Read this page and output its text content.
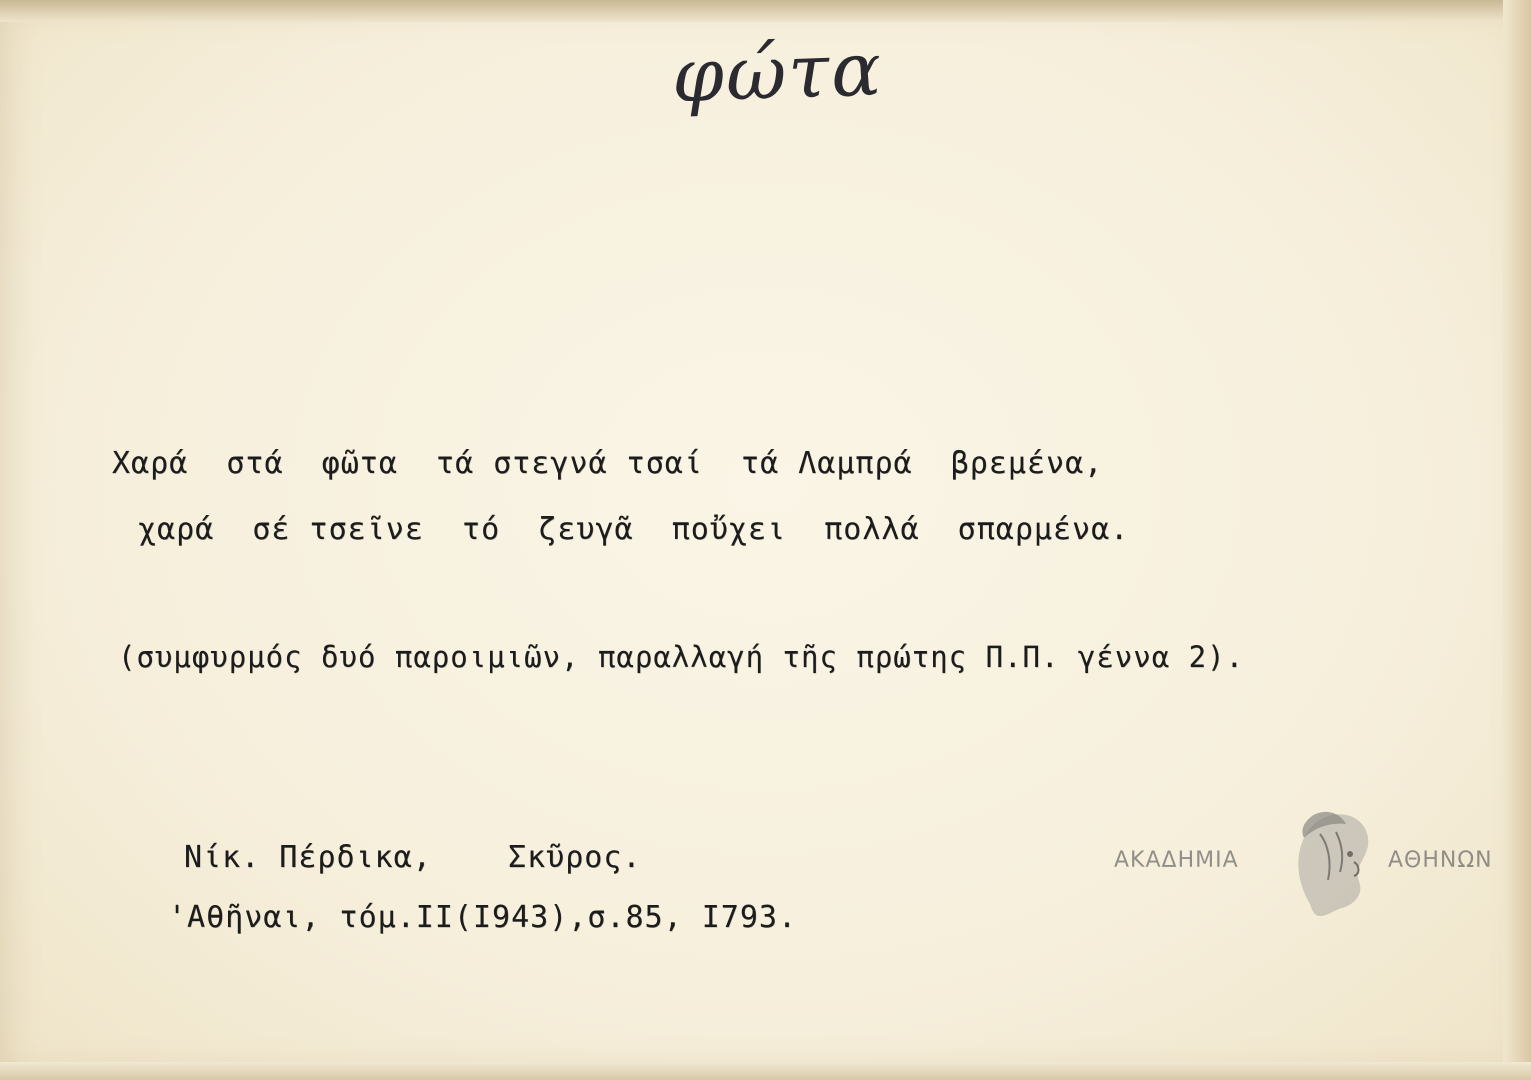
φώτα
Χαρά  στά  φῶτα  τά στεγνά τσαί  τά Λαμπρά  βρεμένα,
χαρά  σέ τσεῖνε  τό  ζευγᾶ  ποὔχει  πολλά  σπαρμένα.
(συμφυρμός δυό παροιμιῶν, παραλλαγή τῆς πρώτης Π.Π. γέννα 2).
Νίκ. Πέρδικα,    Σκῦρος.
'Αθῆναι, τόμ.ΙΙ(Ι943),σ.85, Ι793.
ΑΚΑΔΗΜΙΑ	ΑΘΗΝΩΝ
